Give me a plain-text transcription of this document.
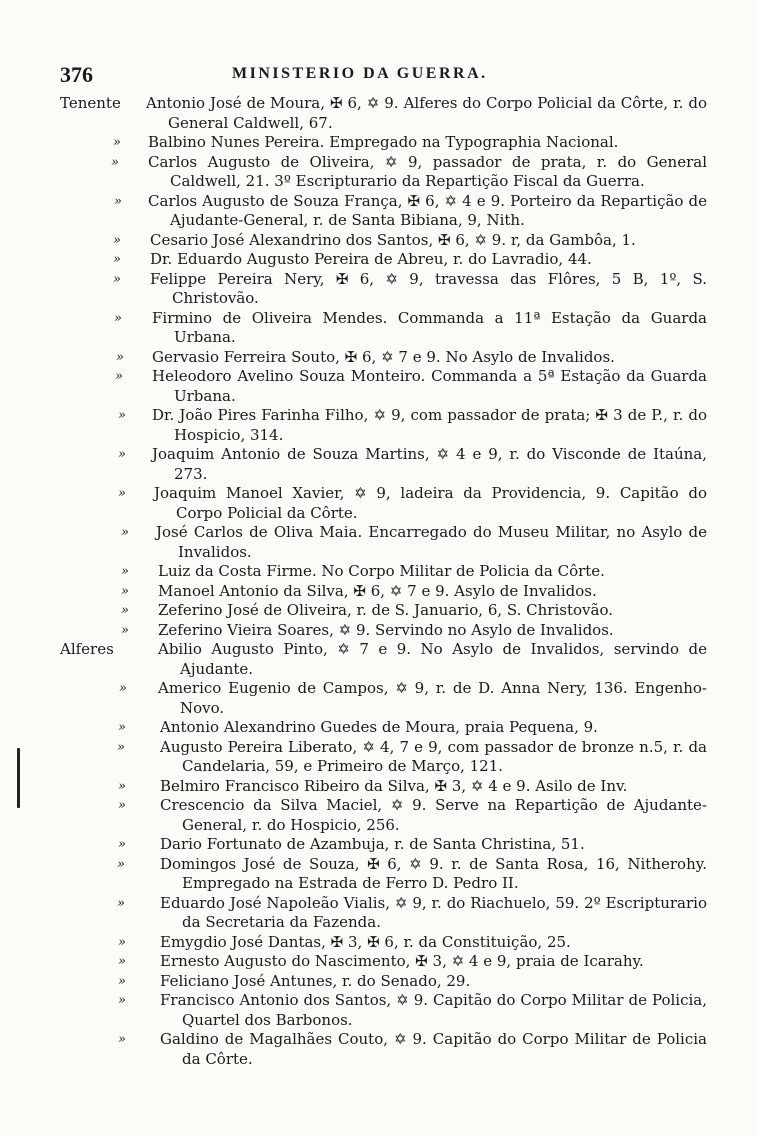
376	MINISTERIO DA GUERRA.
Tenente	Antonio José de Moura, ✠ 6, ✡ 9. Alferes do Corpo Policial da Côrte, r. do General Caldwell, 67.
» Balbino Nunes Pereira. Empregado na Typographia Nacional.
» Carlos Augusto de Oliveira, ✡ 9, passador de prata, r. do General Caldwell, 21. 3º Escripturario da Repartição Fiscal da Guerra.
» Carlos Augusto de Souza França, ✠ 6, ✡ 4 e 9. Porteiro da Repartição de Ajudante-General, r. de Santa Bibiana, 9, Nith.
» Cesario José Alexandrino dos Santos, ✠ 6, ✡ 9. r, da Gambôa, 1.
» Dr. Eduardo Augusto Pereira de Abreu, r. do Lavradio, 44.
» Felippe Pereira Nery, ✠ 6, ✡ 9, travessa das Flôres, 5 B, 1º, S. Christovão.
» Firmino de Oliveira Mendes. Commanda a 11ª Estação da Guarda Urbana.
» Gervasio Ferreira Souto, ✠ 6, ✡ 7 e 9. No Asylo de Invalidos.
» Heleodoro Avelino Souza Monteiro. Commanda a 5ª Estação da Guarda Urbana.
» Dr. João Pires Farinha Filho, ✡ 9, com passador de prata; ✠ 3 de P., r. do Hospicio, 314.
» Joaquim Antonio de Souza Martins, ✡ 4 e 9, r. do Visconde de Itaúna, 273.
» Joaquim Manoel Xavier, ✡ 9, ladeira da Providencia, 9. Capitão do Corpo Policial da Côrte.
» José Carlos de Oliva Maia. Encarregado do Museu Militar, no Asylo de Invalidos.
» Luiz da Costa Firme. No Corpo Militar de Policia da Côrte.
» Manoel Antonio da Silva, ✠ 6, ✡ 7 e 9. Asylo de Invalidos.
» Zeferino José de Oliveira, r. de S. Januario, 6, S. Christovão.
» Zeferino Vieira Soares, ✡ 9. Servindo no Asylo de Invalidos.
Alferes	Abilio Augusto Pinto, ✡ 7 e 9. No Asylo de Invalidos, servindo de Ajudante.
» Americo Eugenio de Campos, ✡ 9, r. de D. Anna Nery, 136. Engenho-Novo.
» Antonio Alexandrino Guedes de Moura, praia Pequena, 9.
» Augusto Pereira Liberato, ✡ 4, 7 e 9, com passador de bronze n.5, r. da Candelaria, 59, e Primeiro de Março, 121.
» Belmiro Francisco Ribeiro da Silva, ✠ 3, ✡ 4 e 9. Asilo de Inv.
» Crescencio da Silva Maciel, ✡ 9. Serve na Repartição de Ajudante-General, r. do Hospicio, 256.
» Dario Fortunato de Azambuja, r. de Santa Christina, 51.
» Domingos José de Souza, ✠ 6, ✡ 9. r. de Santa Rosa, 16, Nitherohy. Empregado na Estrada de Ferro D. Pedro II.
» Eduardo José Napoleão Vialis, ✡ 9, r. do Riachuelo, 59. 2º Escripturario da Secretaria da Fazenda.
» Emygdio José Dantas, ✠ 3, ✠ 6, r. da Constituição, 25.
» Ernesto Augusto do Nascimento, ✠ 3, ✡ 4 e 9, praia de Icarahy.
» Feliciano José Antunes, r. do Senado, 29.
» Francisco Antonio dos Santos, ✡ 9. Capitão do Corpo Militar de Policia, Quartel dos Barbonos.
» Galdino de Magalhães Couto, ✡ 9. Capitão do Corpo Militar de Policia da Côrte.
